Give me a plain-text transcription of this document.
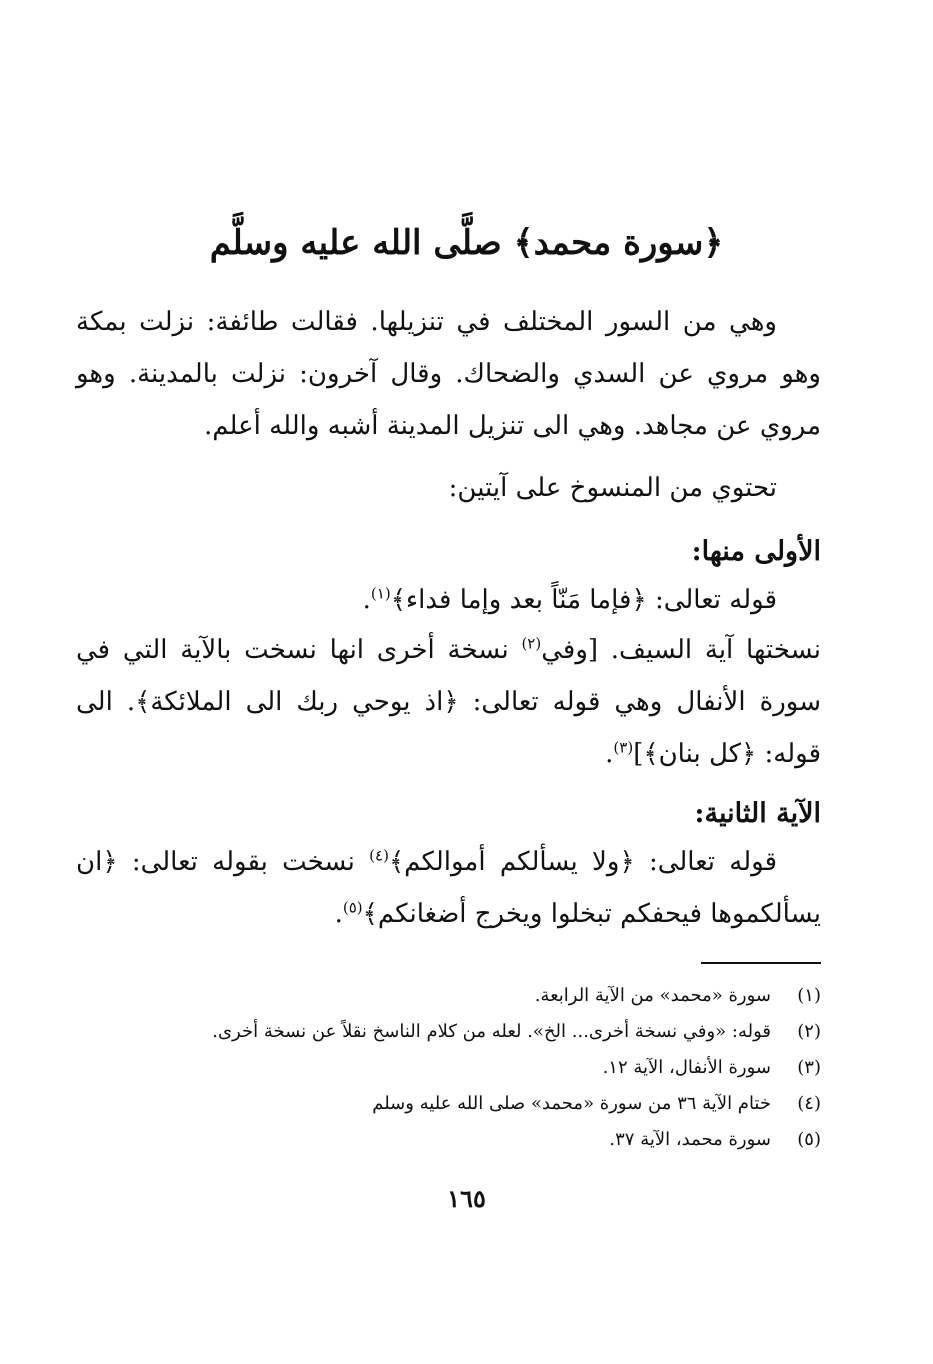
﴿سورة محمد﴾ صلَّى الله عليه وسلَّم

وهي من السور المختلف في تنزيلها. فقالت طائفة: نزلت بمكة وهو مروي عن السدي والضحاك. وقال آخرون: نزلت بالمدينة. وهو مروي عن مجاهد. وهي الى تنزيل المدينة أشبه والله أعلم.

تحتوي من المنسوخ على آيتين:

الأولى منها:

قوله تعالى: ﴿فإما مَنّاً بعد وإما فداء﴾$^{(١)}$.

نسختها آية السيف. [وفي$^{(٢)}$ نسخة أخرى انها نسخت بالآية التي في سورة الأنفال وهي قوله تعالى: ﴿اذ يوحي ربك الى الملائكة﴾. الى قوله: ﴿كل بنان﴾]$^{(٣)}$.

الآية الثانية:

قوله تعالى: ﴿ولا يسألكم أموالكم﴾$^{(٤)}$ نسخت بقوله تعالى: ﴿ان يسألكموها فيحفكم تبخلوا ويخرج أضغانكم﴾$^{(٥)}$.

(١)سورة «محمد» من الآية الرابعة.
(٢)قوله: «وفي نسخة أخرى... الخ». لعله من كلام الناسخ نقلاً عن نسخة أخرى.
(٣)سورة الأنفال، الآية ١٢.
(٤)ختام الآية ٣٦ من سورة «محمد» صلى الله عليه وسلم
(٥)سورة محمد، الآية ٣٧.
١٦٥
